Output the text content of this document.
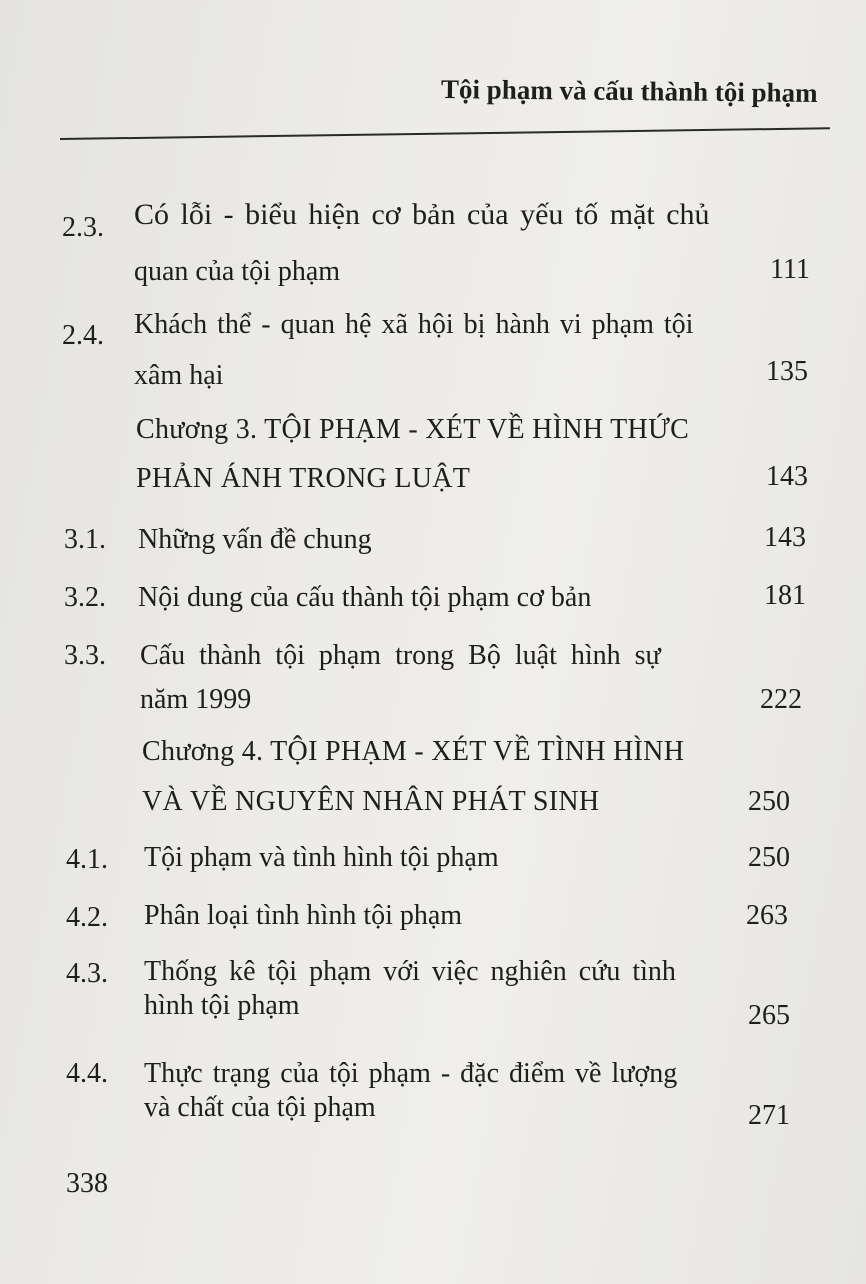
Tội phạm và cấu thành tội phạm
2.3. Có lỗi - biểu hiện cơ bản của yếu tố mặt chủ
quan của tội phạm	111
2.4. Khách thể - quan hệ xã hội bị hành vi phạm tội
xâm hại	135
Chương 3. TỘI PHẠM - XÉT VỀ HÌNH THỨC
PHẢN ÁNH TRONG LUẬT	143
3.1. Những vấn đề chung	143
3.2. Nội dung của cấu thành tội phạm cơ bản	181
3.3. Cấu thành tội phạm trong Bộ luật hình sự
năm 1999	222
Chương 4. TỘI PHẠM - XÉT VỀ TÌNH HÌNH
VÀ VỀ NGUYÊN NHÂN PHÁT SINH	250
4.1. Tội phạm và tình hình tội phạm	250
4.2. Phân loại tình hình tội phạm	263
4.3. Thống kê tội phạm với việc nghiên cứu tình
hình tội phạm	265
4.4. Thực trạng của tội phạm - đặc điểm về lượng
và chất của tội phạm	271
338
